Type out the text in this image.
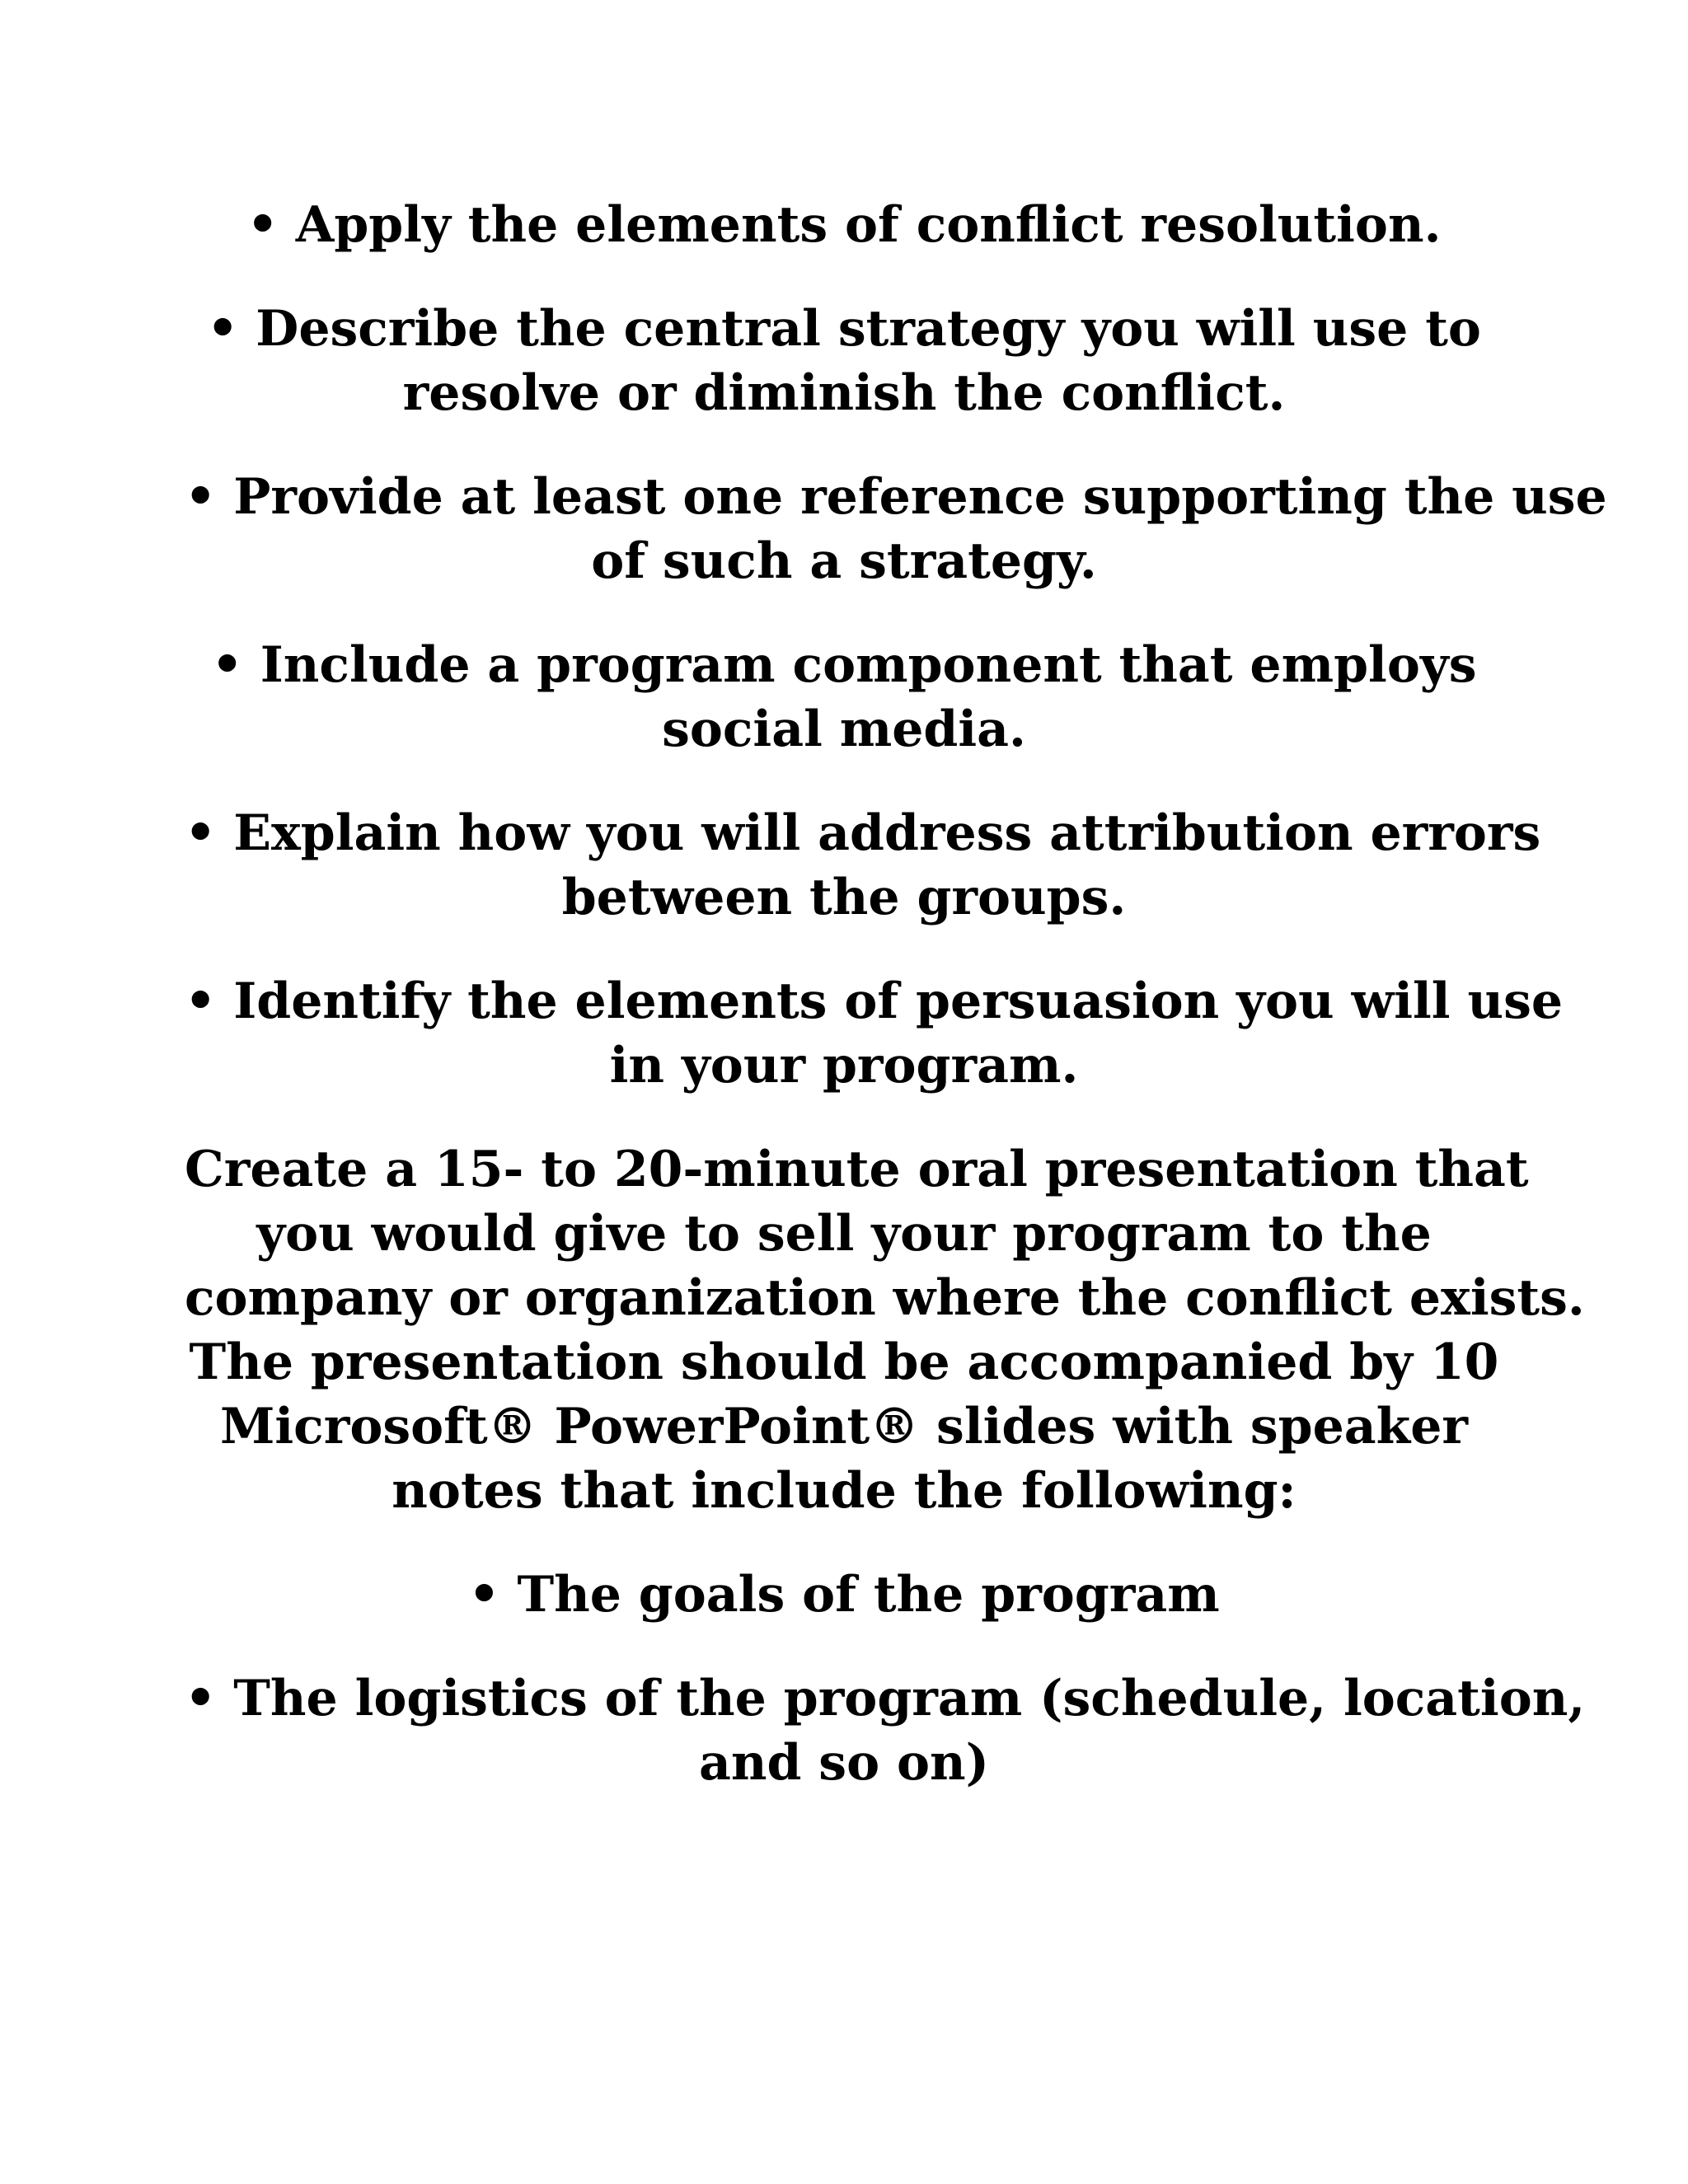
• Apply the elements of conflict resolution.

• Describe the central strategy you will use to
resolve or diminish the conflict.

• Provide at least one reference supporting the use
of such a strategy.

• Include a program component that employs
social media.

• Explain how you will address attribution errors
between the groups.

• Identify the elements of persuasion you will use
in your program.

Create a 15- to 20-minute oral presentation that
you would give to sell your program to the
company or organization where the conflict exists.
The presentation should be accompanied by 10
Microsoft® PowerPoint® slides with speaker
notes that include the following:

• The goals of the program

• The logistics of the program (schedule, location,
and so on)
